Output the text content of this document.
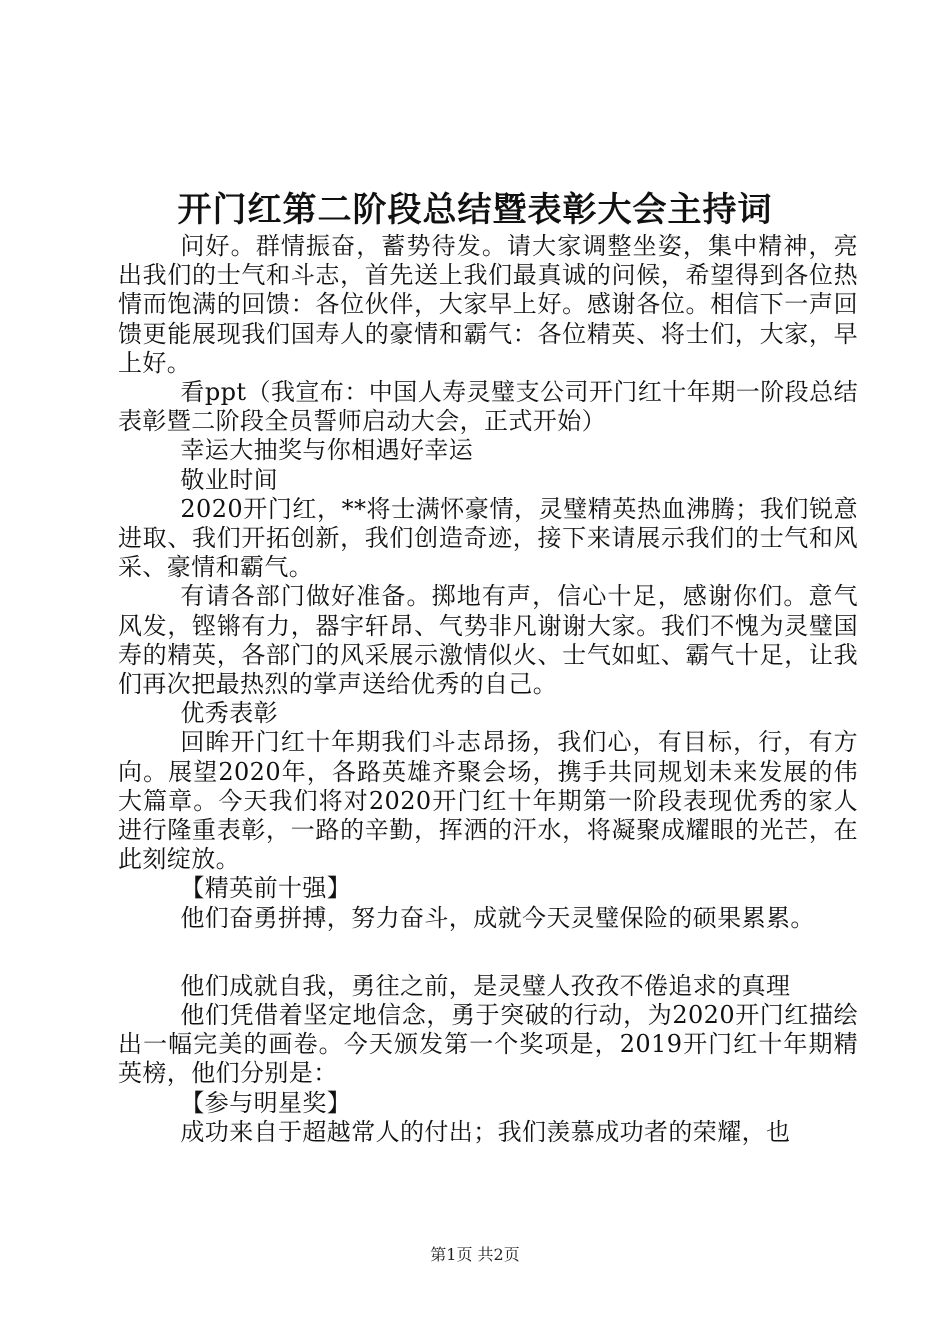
开门红第二阶段总结暨表彰大会主持词

问好。群情振奋，蓄势待发。请大家调整坐姿，集中精神，亮出我们的士气和斗志，首先送上我们最真诚的问候，希望得到各位热情而饱满的回馈：各位伙伴，大家早上好。感谢各位。相信下一声回馈更能展现我们国寿人的豪情和霸气：各位精英、将士们，大家，早上好。

看ppt（我宣布：中国人寿灵璧支公司开门红十年期一阶段总结表彰暨二阶段全员誓师启动大会，正式开始）

幸运大抽奖与你相遇好幸运

敬业时间

2020开门红，**将士满怀豪情，灵璧精英热血沸腾；我们锐意进取、我们开拓创新，我们创造奇迹，接下来请展示我们的士气和风采、豪情和霸气。

有请各部门做好准备。掷地有声，信心十足，感谢你们。意气风发，铿锵有力，器宇轩昂、气势非凡谢谢大家。我们不愧为灵璧国寿的精英，各部门的风采展示激情似火、士气如虹、霸气十足，让我们再次把最热烈的掌声送给优秀的自己。

优秀表彰

回眸开门红十年期我们斗志昂扬，我们心，有目标，行，有方向。展望2020年，各路英雄齐聚会场，携手共同规划未来发展的伟大篇章。今天我们将对2020开门红十年期第一阶段表现优秀的家人进行隆重表彰，一路的辛勤，挥洒的汗水，将凝聚成耀眼的光芒，在此刻绽放。

【精英前十强】

他们奋勇拼搏，努力奋斗，成就今天灵璧保险的硕果累累。

他们成就自我，勇往之前，是灵璧人孜孜不倦追求的真理

他们凭借着坚定地信念，勇于突破的行动，为2020开门红描绘出一幅完美的画卷。今天颁发第一个奖项是，2019开门红十年期精英榜，他们分别是：

【参与明星奖】

成功来自于超越常人的付出；我们羡慕成功者的荣耀，也

第1页 共2页
